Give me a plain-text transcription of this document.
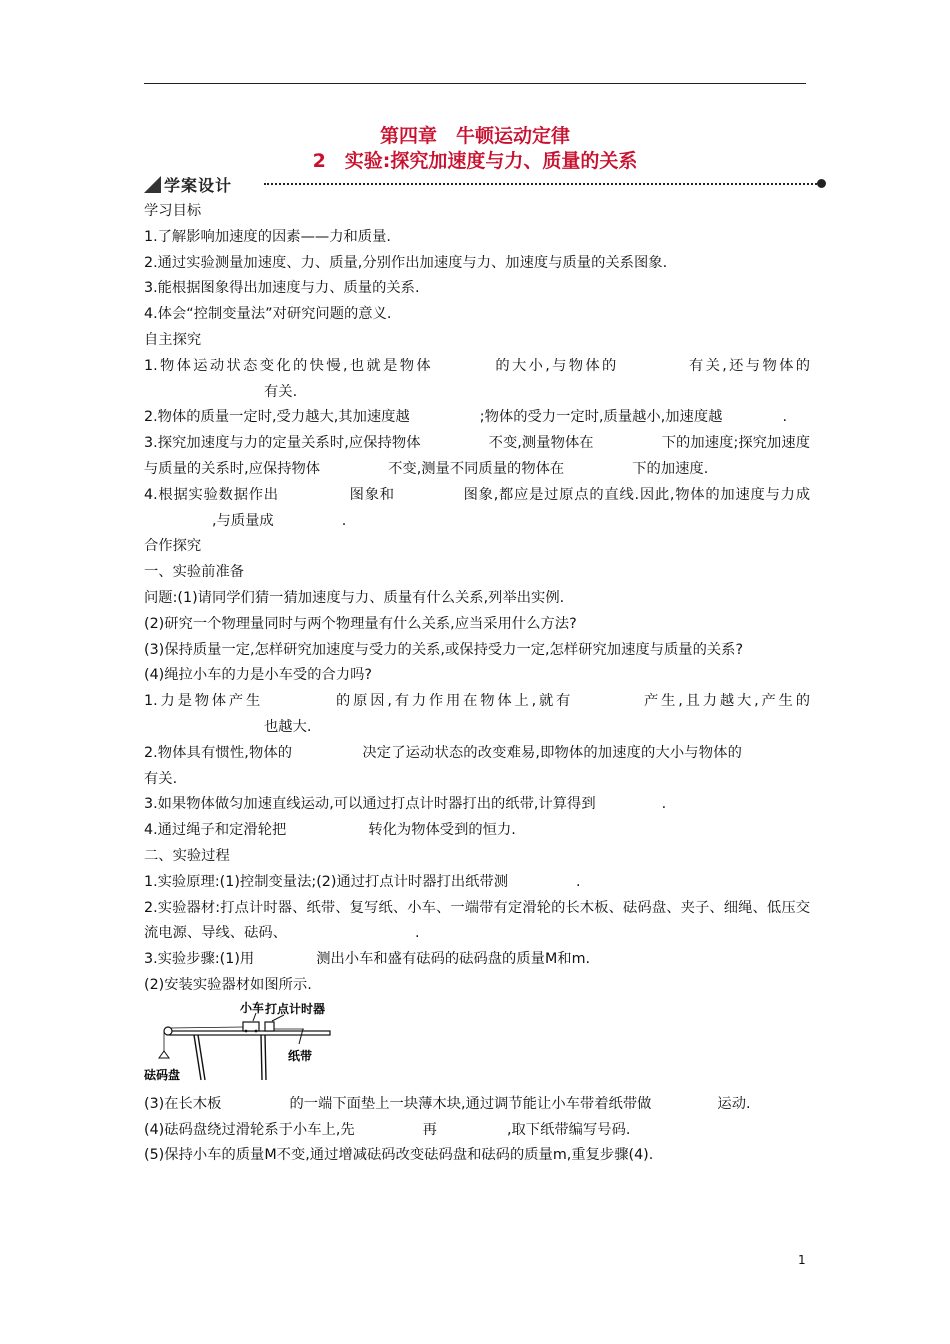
第四章　牛顿运动定律
2　实验:探究加速度与力、质量的关系
学案设计

学习目标

1.了解影响加速度的因素——力和质量.

2.通过实验测量加速度、力、质量,分别作出加速度与力、加速度与质量的关系图象.

3.能根据图象得出加速度与力、质量的关系.

4.体会“控制变量法”对研究问题的意义.

自主探究

1.物体运动状态变化的快慢,也就是物体	的大小,与物体的	有关,还与物体的有关.

2.物体的质量一定时,受力越大,其加速度越	;物体的受力一定时,质量越小,加速度越	.

3.探究加速度与力的定量关系时,应保持物体	不变,测量物体在	下的加速度;探究加速度与质量的关系时,应保持物体	不变,测量不同质量的物体在	下的加速度.

4.根据实验数据作出	图象和	图象,都应是过原点的直线.因此,物体的加速度与力成,与质量成	.

合作探究

一、实验前准备

问题:(1)请同学们猜一猜加速度与力、质量有什么关系,列举出实例.

(2)研究一个物理量同时与两个物理量有什么关系,应当采用什么方法?

(3)保持质量一定,怎样研究加速度与受力的关系,或保持受力一定,怎样研究加速度与质量的关系?

(4)绳拉小车的力是小车受的合力吗?

1.力是物体产生	的原因,有力作用在物体上,就有	产生,且力越大,产生的也越大.

2.物体具有惯性,物体的	决定了运动状态的改变难易,即物体的加速度的大小与物体的有关.

3.如果物体做匀加速直线运动,可以通过打点计时器打出的纸带,计算得到	.

4.通过绳子和定滑轮把	转化为物体受到的恒力.

二、实验过程

1.实验原理:(1)控制变量法;(2)通过打点计时器打出纸带测	.

2.实验器材:打点计时器、纸带、复写纸、小车、一端带有定滑轮的长木板、砝码盘、夹子、细绳、低压交流电源、导线、砝码、	.

3.实验步骤:(1)用	测出小车和盛有砝码的砝码盘的质量M和m.

(2)安装实验器材如图所示.

小车 打点计时器
纸带
砝码盘

(3)在长木板	的一端下面垫上一块薄木块,通过调节能让小车带着纸带做	运动.

(4)砝码盘绕过滑轮系于小车上,先	再	,取下纸带编写号码.

(5)保持小车的质量M不变,通过增减砝码改变砝码盘和砝码的质量m,重复步骤(4).

1
